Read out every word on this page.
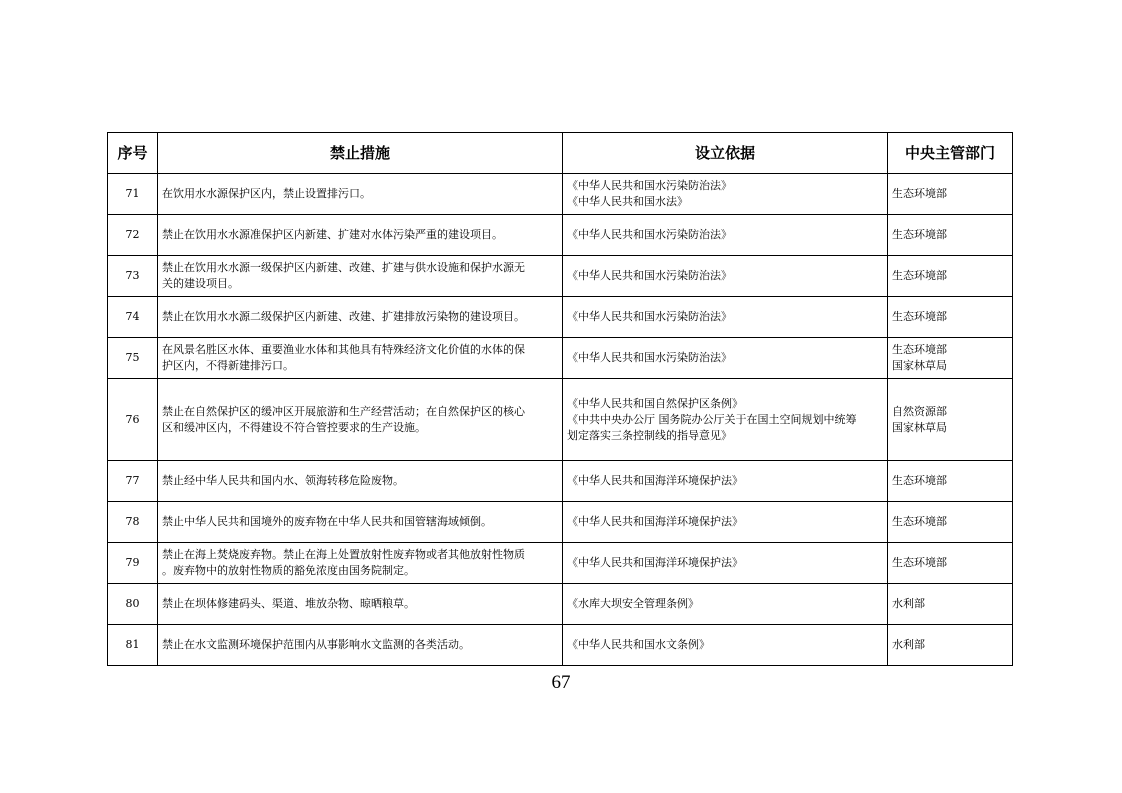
序号	禁止措施	设立依据	中央主管部门
71	在饮用水水源保护区内，禁止设置排污口。	《中华人民共和国水污染防治法》
《中华人民共和国水法》	生态环境部

72	禁止在饮用水水源准保护区内新建、扩建对水体污染严重的建设项目。	《中华人民共和国水污染防治法》	生态环境部

73	禁止在饮用水水源一级保护区内新建、改建、扩建与供水设施和保护水源无
关的建设项目。	《中华人民共和国水污染防治法》	生态环境部

74	禁止在饮用水水源二级保护区内新建、改建、扩建排放污染物的建设项目。	《中华人民共和国水污染防治法》	生态环境部

75	在风景名胜区水体、重要渔业水体和其他具有特殊经济文化价值的水体的保
护区内，不得新建排污口。	《中华人民共和国水污染防治法》	生态环境部
国家林草局

76	禁止在自然保护区的缓冲区开展旅游和生产经营活动；在自然保护区的核心
区和缓冲区内，不得建设不符合管控要求的生产设施。	《中华人民共和国自然保护区条例》
《中共中央办公厅 国务院办公厅关于在国土空间规划中统筹
划定落实三条控制线的指导意见》	自然资源部
国家林草局

77	禁止经中华人民共和国内水、领海转移危险废物。	《中华人民共和国海洋环境保护法》	生态环境部

78	禁止中华人民共和国境外的废弃物在中华人民共和国管辖海域倾倒。	《中华人民共和国海洋环境保护法》	生态环境部

79	禁止在海上焚烧废弃物。禁止在海上处置放射性废弃物或者其他放射性物质
。废弃物中的放射性物质的豁免浓度由国务院制定。	《中华人民共和国海洋环境保护法》	生态环境部

80	禁止在坝体修建码头、渠道、堆放杂物、晾晒粮草。	《水库大坝安全管理条例》	水利部

81	禁止在水文监测环境保护范围内从事影响水文监测的各类活动。	《中华人民共和国水文条例》	水利部
67
